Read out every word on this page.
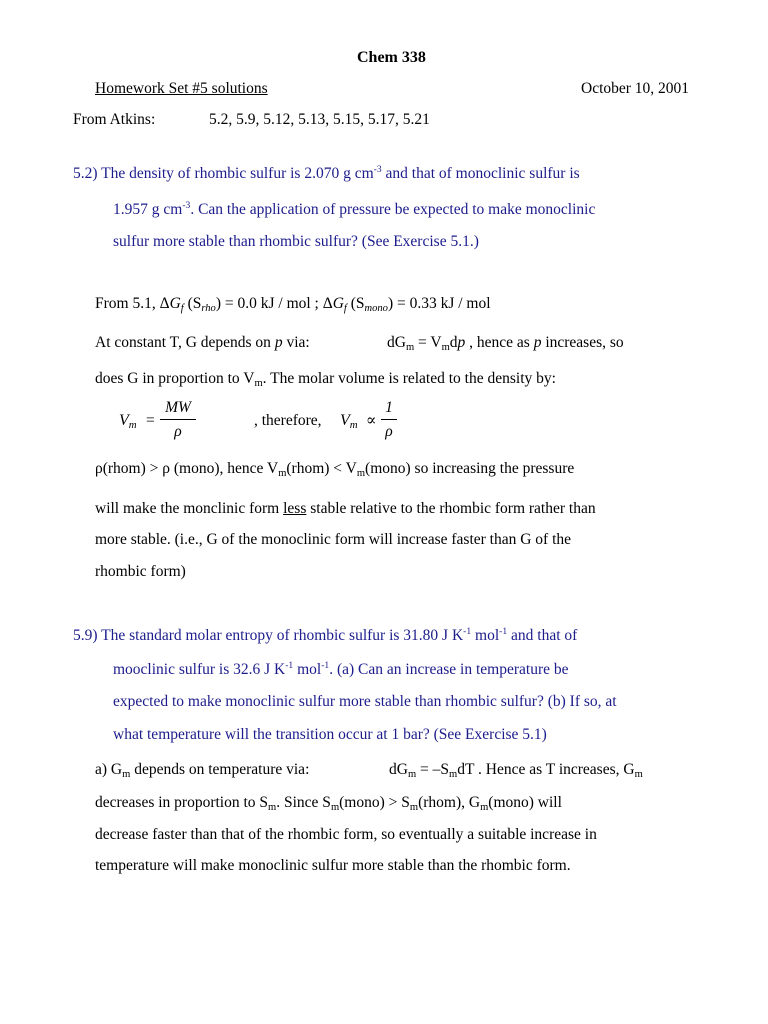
Chem 338
Homework Set #5 solutions	October 10, 2001
From Atkins:	5.2, 5.9, 5.12, 5.13, 5.15, 5.17, 5.21
5.2) The density of rhombic sulfur is 2.070 g $cm^{-3}$ and that of monoclinic sulfur is
1.957 g $cm^{-3}$. Can the application of pressure be expected to make monoclinic
sulfur more stable than rhombic sulfur? (See Exercise 5.1.)
From 5.1, $\Delta G_f$ $(S_{rho}) = 0.0$ kJ / mol ; $\Delta G_f$ $(S_{mono}) = 0.33$ kJ / mol
At constant T, G depends on p via:	$dG_m = V_mdp$ , hence as p increases, so
does G in proportion to $V_m$. The molar volume is related to the density by:
$V_m$ =
MW
ρ
, therefore, $V_m$ ∝
1
ρ
ρ(rhom) > ρ (mono), hence $V_m(rhom)$ < $V_m(mono)$ so increasing the pressure
will make the monclinic form less stable relative to the rhombic form rather than
more stable. (i.e., G of the monoclinic form will increase faster than G of the
rhombic form)
5.9) The standard molar entropy of rhombic sulfur is 31.80 J $K^{-1}$ mol$^{-1}$ and that of
mooclinic sulfur is 32.6 J $K^{-1}$ mol$^{-1}$. (a) Can an increase in temperature be
expected to make monoclinic sulfur more stable than rhombic sulfur? (b) If so, at
what temperature will the transition occur at 1 bar? (See Exercise 5.1)
a) $G_m$ depends on temperature via:	$dG_m = -S_mdT$ . Hence as T increases, $G_m$
decreases in proportion to $S_m$. Since $S_m(mono)$ > $S_m(rhom)$, $G_m(mono)$ will
decrease faster than that of the rhombic form, so eventually a suitable increase in
temperature will make monoclinic sulfur more stable than the rhombic form.
